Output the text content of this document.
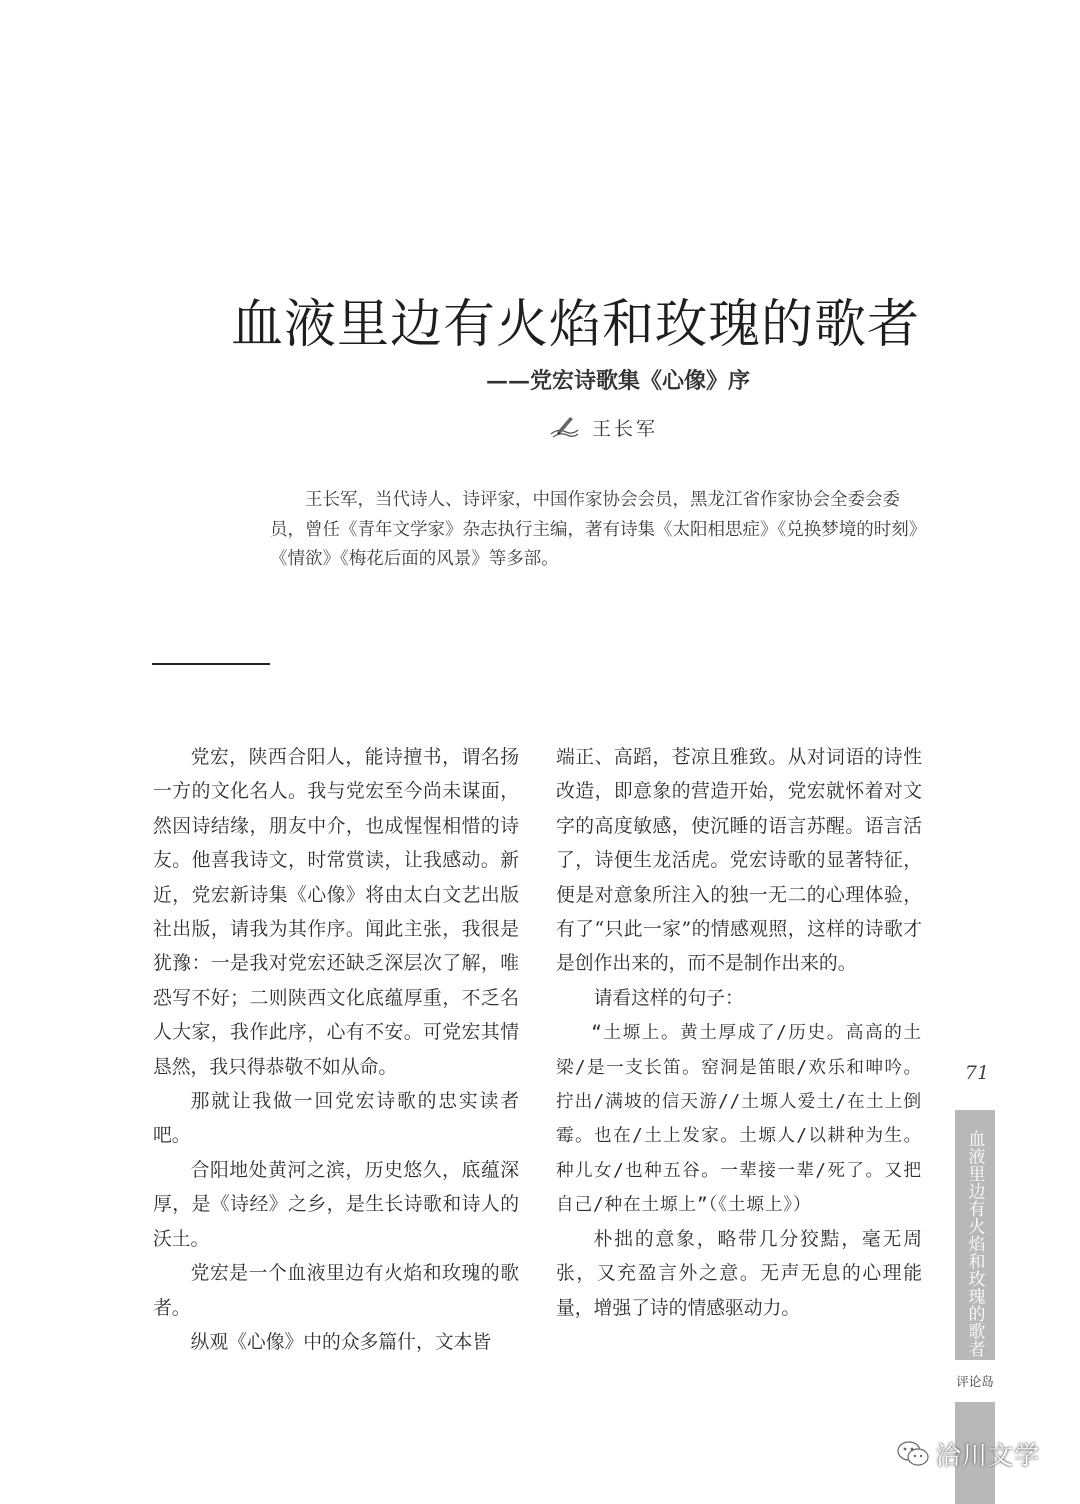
血液里边有火焰和玫瑰的歌者
——党宏诗歌集《心像》序
王长军

王长军，当代诗人、诗评家，中国作家协会会员，黑龙江省作家协会全委会委员，曾任《青年文学家》杂志执行主编，著有诗集《太阳相思症》《兑换梦境的时刻》《情欲》《梅花后面的风景》等多部。

党宏，陕西合阳人，能诗擅书，谓名扬一方的文化名人。我与党宏至今尚未谋面，然因诗结缘，朋友中介，也成惺惺相惜的诗友。他喜我诗文，时常赏读，让我感动。新近，党宏新诗集《心像》将由太白文艺出版社出版，请我为其作序。闻此主张，我很是犹豫：一是我对党宏还缺乏深层次了解，唯恐写不好；二则陕西文化底蕴厚重，不乏名人大家，我作此序，心有不安。可党宏其情恳然，我只得恭敬不如从命。

那就让我做一回党宏诗歌的忠实读者吧。

合阳地处黄河之滨，历史悠久，底蕴深厚，是《诗经》之乡，是生长诗歌和诗人的沃土。

党宏是一个血液里边有火焰和玫瑰的歌者。

纵观《心像》中的众多篇什，文本皆

端正、高蹈，苍凉且雅致。从对词语的诗性改造，即意象的营造开始，党宏就怀着对文字的高度敏感，使沉睡的语言苏醒。语言活了，诗便生龙活虎。党宏诗歌的显著特征，便是对意象所注入的独一无二的心理体验，有了“只此一家”的情感观照，这样的诗歌才是创作出来的，而不是制作出来的。

请看这样的句子：

“土塬上。黄土厚成了/历史。高高的土梁/是一支长笛。窑洞是笛眼/欢乐和呻吟。拧出/满坡的信天游//土塬人爱土/在土上倒霉。也在/土上发家。土塬人/以耕种为生。种儿女/也种五谷。一辈接一辈/死了。又把自己/种在土塬上”（《土塬上》）

朴拙的意象，略带几分狡黠，毫无周张，又充盈言外之意。无声无息的心理能量，增强了诗的情感驱动力。

71
血液里边有火焰和玫瑰的歌者
评论岛
洽川文学
